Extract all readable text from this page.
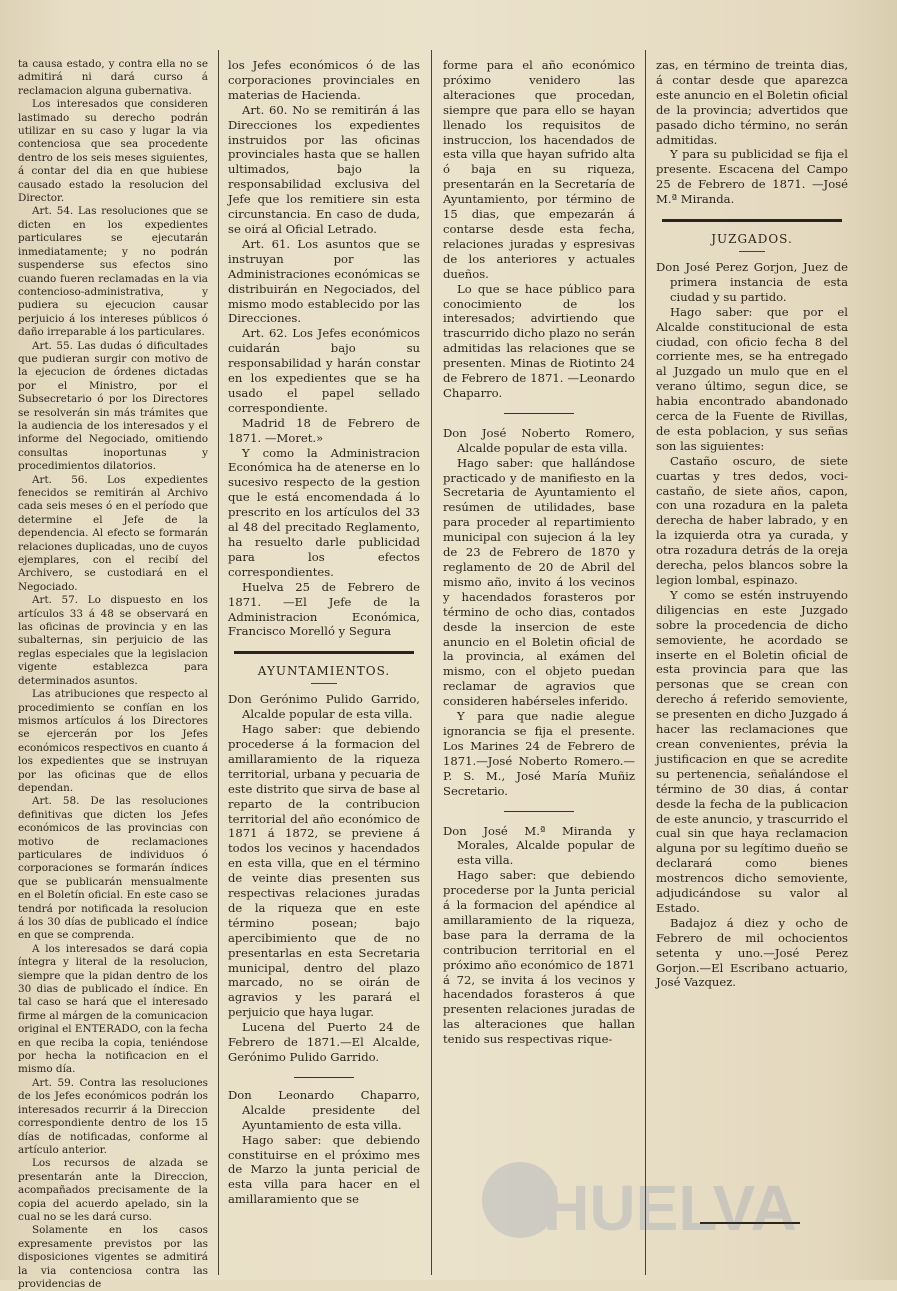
ta causa estado, y contra ella no se admitirá ni dará curso á reclamacion alguna gubernativa.

Los interesados que consideren lastimado su derecho podrán utilizar en su caso y lugar la via contenciosa que sea procedente dentro de los seis meses siguientes, á contar del dia en que hubiese causado estado la resolucion del Director.

Art. 54. Las resoluciones que se dicten en los expedientes particulares se ejecutarán inmediatamente; y no podrán suspenderse sus efectos sino cuando fueren reclamadas en la via contencioso-administrativa, y pudiera su ejecucion causar perjuicio á los intereses públicos ó daño irreparable á los particulares.

Art. 55. Las dudas ó dificultades que pudieran surgir con motivo de la ejecucion de órdenes dictadas por el Ministro, por el Subsecretario ó por los Directores se resolverán sin más trámites que la audiencia de los interesados y el informe del Negociado, omitiendo consultas inoportunas y procedimientos dilatorios.

Art. 56. Los expedientes fenecidos se remitirán al Archivo cada seis meses ó en el período que determine el Jefe de la dependencia. Al efecto se formarán relaciones duplicadas, uno de cuyos ejemplares, con el recibí del Archivero, se custodiará en el Negociado.

Art. 57. Lo dispuesto en los artículos 33 á 48 se observará en las oficinas de provincia y en las subalternas, sin perjuicio de las reglas especiales que la legislacion vigente establezca para determinados asuntos.

Las atribuciones que respecto al procedimiento se confían en los mismos artículos á los Directores se ejercerán por los Jefes económicos respectivos en cuanto á los expedientes que se instruyan por las oficinas que de ellos dependan.

Art. 58. De las resoluciones definitivas que dicten los Jefes económicos de las provincias con motivo de reclamaciones particulares de individuos ó corporaciones se formarán índices que se publicarán mensualmente en el Boletín oficial. En este caso se tendrá por notificada la resolucion á los 30 días de publicado el índice en que se comprenda.

A los interesados se dará copia íntegra y literal de la resolucion, siempre que la pidan dentro de los 30 dias de publicado el índice. En tal caso se hará que el interesado firme al márgen de la comunicacion original el ENTERADO, con la fecha en que reciba la copia, teniéndose por hecha la notificacion en el mismo día.

Art. 59. Contra las resoluciones de los Jefes económicos podrán los interesados recurrir á la Direccion correspondiente dentro de los 15 días de notificadas, conforme al artículo anterior.

Los recursos de alzada se presentarán ante la Direccion, acompañados precisamente de la copia del acuerdo apelado, sin la cual no se les dará curso.

Solamente en los casos expresamente previstos por las disposiciones vigentes se admitirá la via contenciosa contra las providencias de

los Jefes económicos ó de las corporaciones provinciales en materias de Hacienda.

Art. 60. No se remitirán á las Direcciones los expedientes instruidos por las oficinas provinciales hasta que se hallen ultimados, bajo la responsabilidad exclusiva del Jefe que los remitiere sin esta circunstancia. En caso de duda, se oirá al Oficial Letrado.

Art. 61. Los asuntos que se instruyan por las Administraciones económicas se distribuirán en Negociados, del mismo modo establecido por las Direcciones.

Art. 62. Los Jefes económicos cuidarán bajo su responsabilidad y harán constar en los expedientes que se ha usado el papel sellado correspondiente.

Madrid 18 de Febrero de 1871. —Moret.»

Y como la Administracion Económica ha de atenerse en lo sucesivo respecto de la gestion que le está encomendada á lo prescrito en los artículos del 33 al 48 del precitado Reglamento, ha resuelto darle publicidad para los efectos correspondientes.

Huelva 25 de Febrero de 1871. —El Jefe de la Administracion Económica, Francisco Morelló y Segura

AYUNTAMIENTOS.

Don Gerónimo Pulido Garrido, Alcalde popular de esta villa.

Hago saber: que debiendo procederse á la formacion del amillaramiento de la riqueza territorial, urbana y pecuaria de este distrito que sirva de base al reparto de la contribucion territorial del año económico de 1871 á 1872, se previene á todos los vecinos y hacendados en esta villa, que en el término de veinte dias presenten sus respectivas relaciones juradas de la riqueza que en este término posean; bajo apercibimiento que de no presentarlas en esta Secretaria municipal, dentro del plazo marcado, no se oirán de agravios y les parará el perjuicio que haya lugar.

Lucena del Puerto 24 de Febrero de 1871.—El Alcalde, Gerónimo Pulido Garrido.

Don Leonardo Chaparro, Alcalde presidente del Ayuntamiento de esta villa.

Hago saber: que debiendo constituirse en el próximo mes de Marzo la junta pericial de esta villa para hacer en el amillaramiento que se

forme para el año económico próximo venidero las alteraciones que procedan, siempre que para ello se hayan llenado los requisitos de instruccion, los hacendados de esta villa que hayan sufrido alta ó baja en su riqueza, presentarán en la Secretaría de Ayuntamiento, por término de 15 dias, que empezarán á contarse desde esta fecha, relaciones juradas y espresivas de los anteriores y actuales dueños.

Lo que se hace público para conocimiento de los interesados; advirtiendo que trascurrido dicho plazo no serán admitidas las relaciones que se presenten. Minas de Riotinto 24 de Febrero de 1871. —Leonardo Chaparro.

Don José Noberto Romero, Alcalde popular de esta villa.

Hago saber: que hallándose practicado y de manifiesto en la Secretaria de Ayuntamiento el resúmen de utilidades, base para proceder al repartimiento municipal con sujecion á la ley de 23 de Febrero de 1870 y reglamento de 20 de Abril del mismo año, invito á los vecinos y hacendados forasteros por término de ocho dias, contados desde la insercion de este anuncio en el Boletin oficial de la provincia, al exámen del mismo, con el objeto puedan reclamar de agravios que consideren habérseles inferido.

Y para que nadie alegue ignorancia se fija el presente. Los Marines 24 de Febrero de 1871.—José Noberto Romero.—P. S. M., José María Muñiz Secretario.

Don José M.ª Miranda y Morales, Alcalde popular de esta villa.

Hago saber: que debiendo procederse por la Junta pericial á la formacion del apéndice al amillaramiento de la riqueza, base para la derrama de la contribucion territorial en el próximo año económico de 1871 á 72, se invita á los vecinos y hacendados forasteros á que presenten relaciones juradas de las alteraciones que hallan tenido sus respectivas rique-

zas, en término de treinta dias, á contar desde que aparezca este anuncio en el Boletin oficial de la provincia; advertidos que pasado dicho término, no serán admitidas.

Y para su publicidad se fija el presente. Escacena del Campo 25 de Febrero de 1871. —José M.ª Miranda.

JUZGADOS.

Don José Perez Gorjon, Juez de primera instancia de esta ciudad y su partido.

Hago saber: que por el Alcalde constitucional de esta ciudad, con oficio fecha 8 del corriente mes, se ha entregado al Juzgado un mulo que en el verano último, segun dice, se habia encontrado abandonado cerca de la Fuente de Rivillas, de esta poblacion, y sus señas son las siguientes:

Castaño oscuro, de siete cuartas y tres dedos, voci-castaño, de siete años, capon, con una rozadura en la paleta derecha de haber labrado, y en la izquierda otra ya curada, y otra rozadura detrás de la oreja derecha, pelos blancos sobre la legion lombal, espinazo.

Y como se estén instruyendo diligencias en este Juzgado sobre la procedencia de dicho semoviente, he acordado se inserte en el Boletin oficial de esta provincia para que las personas que se crean con derecho á referido semoviente, se presenten en dicho Juzgado á hacer las reclamaciones que crean convenientes, prévia la justificacion en que se acredite su pertenencia, señalándose el término de 30 dias, á contar desde la fecha de la publicacion de este anuncio, y trascurrido el cual sin que haya reclamacion alguna por su legítimo dueño se declarará como bienes mostrencos dicho semoviente, adjudicándose su valor al Estado.

Badajoz á diez y ocho de Febrero de mil ochocientos setenta y uno.—José Perez Gorjon.—El Escribano actuario, José Vazquez.

HUELVA
